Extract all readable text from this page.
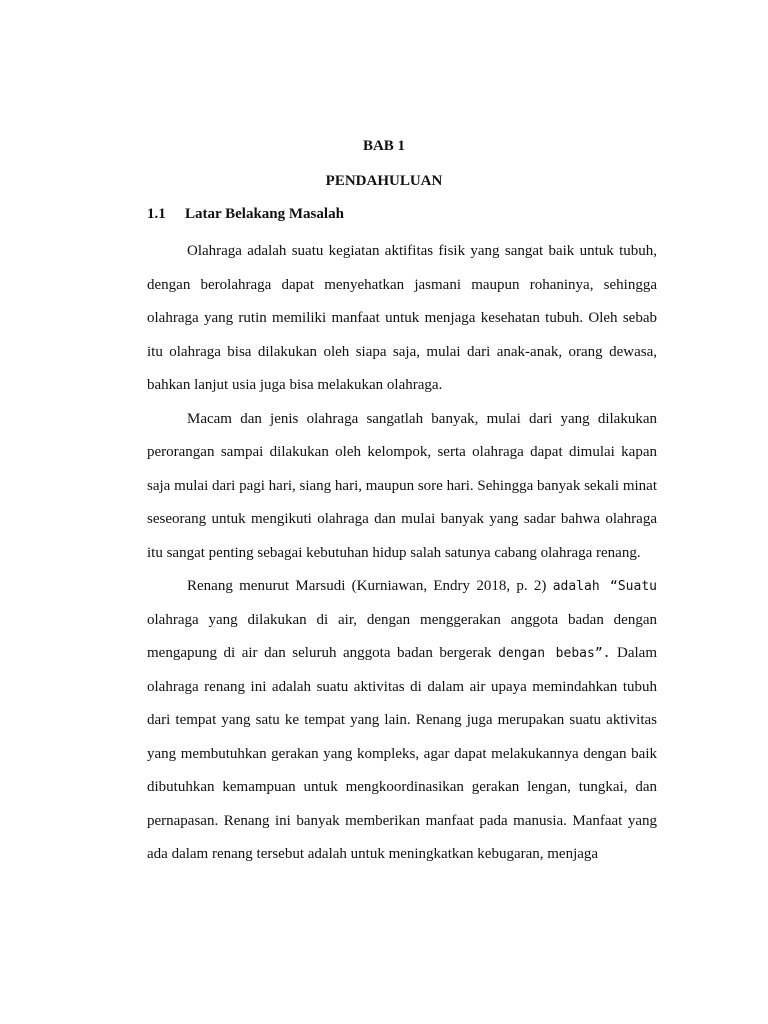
BAB 1
PENDAHULUAN
1.1 Latar Belakang Masalah

Olahraga adalah suatu kegiatan aktifitas fisik yang sangat baik untuk tubuh, dengan berolahraga dapat menyehatkan jasmani maupun rohaninya, sehingga olahraga yang rutin memiliki manfaat untuk menjaga kesehatan tubuh. Oleh sebab itu olahraga bisa dilakukan oleh siapa saja, mulai dari anak-anak, orang dewasa, bahkan lanjut usia juga bisa melakukan olahraga.

Macam dan jenis olahraga sangatlah banyak, mulai dari yang dilakukan perorangan sampai dilakukan oleh kelompok, serta olahraga dapat dimulai kapan saja mulai dari pagi hari, siang hari, maupun sore hari. Sehingga banyak sekali minat seseorang untuk mengikuti olahraga dan mulai banyak yang sadar bahwa olahraga itu sangat penting sebagai kebutuhan hidup salah satunya cabang olahraga renang.

Renang menurut Marsudi (Kurniawan, Endry 2018, p. 2) adalah “Suatu olahraga yang dilakukan di air, dengan menggerakan anggota badan dengan mengapung di air dan seluruh anggota badan bergerak dengan bebas”. Dalam olahraga renang ini adalah suatu aktivitas di dalam air upaya memindahkan tubuh dari tempat yang satu ke tempat yang lain. Renang juga merupakan suatu aktivitas yang membutuhkan gerakan yang kompleks, agar dapat melakukannya dengan baik dibutuhkan kemampuan untuk mengkoordinasikan gerakan lengan, tungkai, dan pernapasan. Renang ini banyak memberikan manfaat pada manusia. Manfaat yang ada dalam renang tersebut adalah untuk meningkatkan kebugaran, menjaga
